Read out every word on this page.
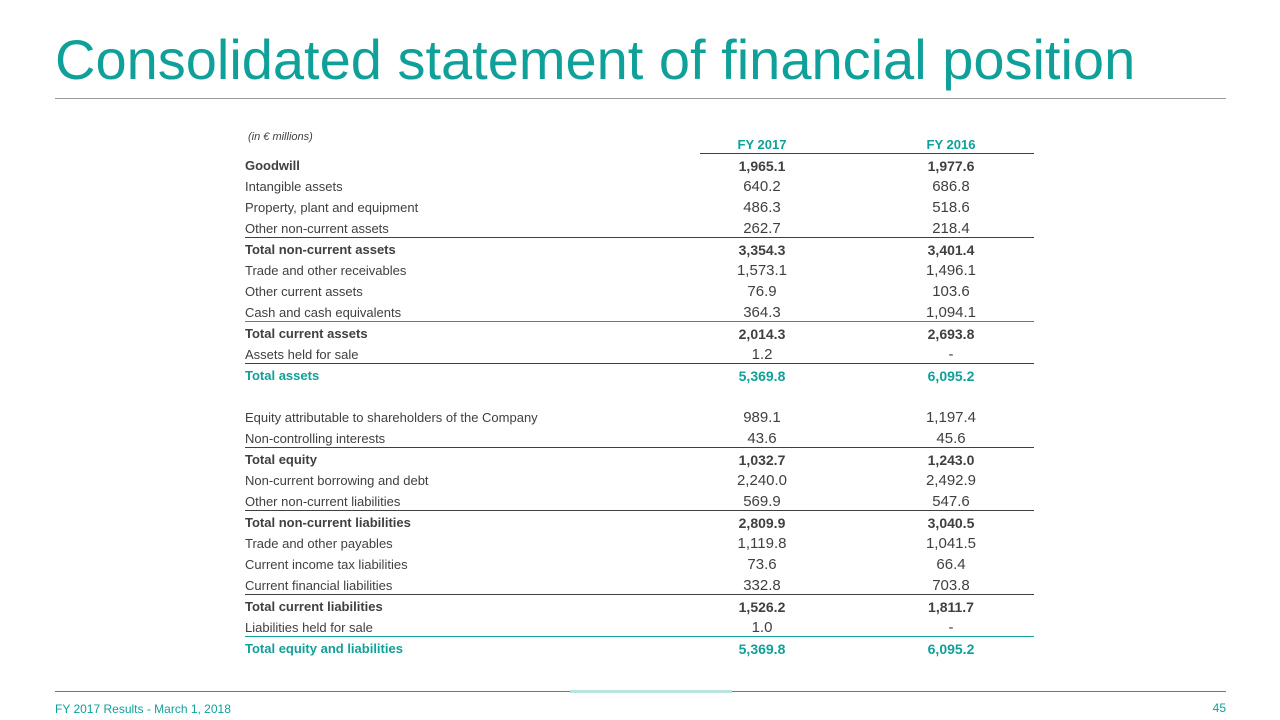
Consolidated statement of financial position
(in € millions)	FY 2017	FY 2016
Goodwill	1,965.1	1,977.6
Intangible assets	640.2	686.8
Property, plant and equipment	486.3	518.6
Other non-current assets	262.7	218.4
Total non-current assets	3,354.3	3,401.4
Trade and other receivables	1,573.1	1,496.1
Other current assets	76.9	103.6
Cash and cash equivalents	364.3	1,094.1
Total current assets	2,014.3	2,693.8
Assets held for sale	1.2	-
Total assets	5,369.8	6,095.2
Equity attributable to shareholders of the Company	989.1	1,197.4
Non-controlling interests	43.6	45.6
Total equity	1,032.7	1,243.0
Non-current borrowing and debt	2,240.0	2,492.9
Other non-current liabilities	569.9	547.6
Total non-current liabilities	2,809.9	3,040.5
Trade and other payables	1,119.8	1,041.5
Current income tax liabilities	73.6	66.4
Current financial liabilities	332.8	703.8
Total current liabilities	1,526.2	1,811.7
Liabilities held for sale	1.0	-
Total equity and liabilities	5,369.8	6,095.2
FY 2017 Results - March 1, 2018	45
